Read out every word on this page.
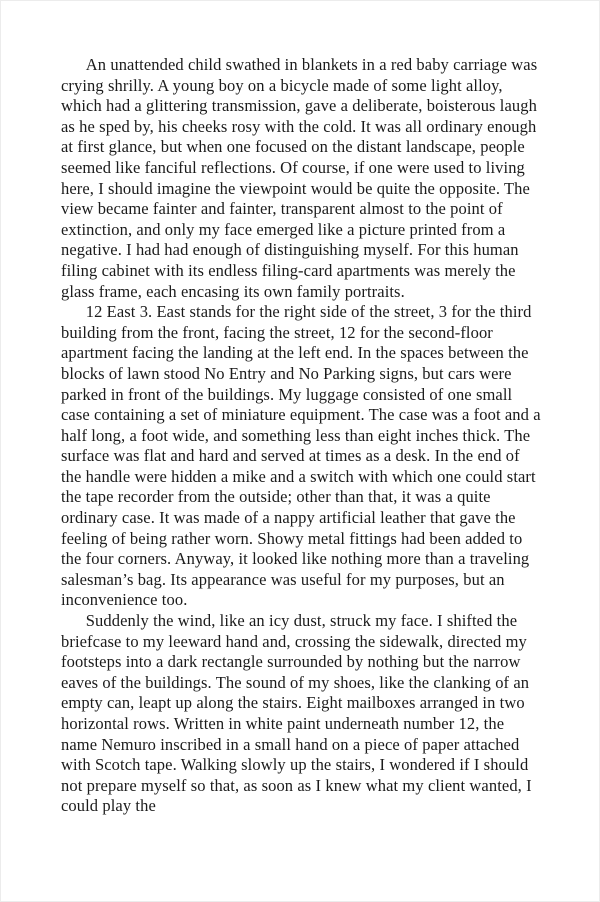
An unattended child swathed in blankets in a red baby carriage was crying shrilly. A young boy on a bicycle made of some light alloy, which had a glittering transmission, gave a deliberate, boisterous laugh as he sped by, his cheeks rosy with the cold. It was all ordinary enough at first glance, but when one focused on the distant landscape, people seemed like fanciful reflections. Of course, if one were used to living here, I should imagine the viewpoint would be quite the opposite. The view became fainter and fainter, transparent almost to the point of extinction, and only my face emerged like a picture printed from a negative. I had had enough of distinguishing myself. For this human filing cabinet with its endless filing-card apartments was merely the glass frame, each encasing its own family portraits.

12 East 3. East stands for the right side of the street, 3 for the third building from the front, facing the street, 12 for the second-floor apartment facing the landing at the left end. In the spaces between the blocks of lawn stood No Entry and No Parking signs, but cars were parked in front of the buildings. My luggage consisted of one small case containing a set of miniature equipment. The case was a foot and a half long, a foot wide, and something less than eight inches thick. The surface was flat and hard and served at times as a desk. In the end of the handle were hidden a mike and a switch with which one could start the tape recorder from the outside; other than that, it was a quite ordinary case. It was made of a nappy artificial leather that gave the feeling of being rather worn. Showy metal fittings had been added to the four corners. Anyway, it looked like nothing more than a traveling salesman’s bag. Its appearance was useful for my purposes, but an inconvenience too.

Suddenly the wind, like an icy dust, struck my face. I shifted the briefcase to my leeward hand and, crossing the sidewalk, directed my footsteps into a dark rectangle surrounded by nothing but the narrow eaves of the buildings. The sound of my shoes, like the clanking of an empty can, leapt up along the stairs. Eight mailboxes arranged in two horizontal rows. Written in white paint underneath number 12, the name Nemuro inscribed in a small hand on a piece of paper attached with Scotch tape. Walking slowly up the stairs, I wondered if I should not prepare myself so that, as soon as I knew what my client wanted, I could play the
